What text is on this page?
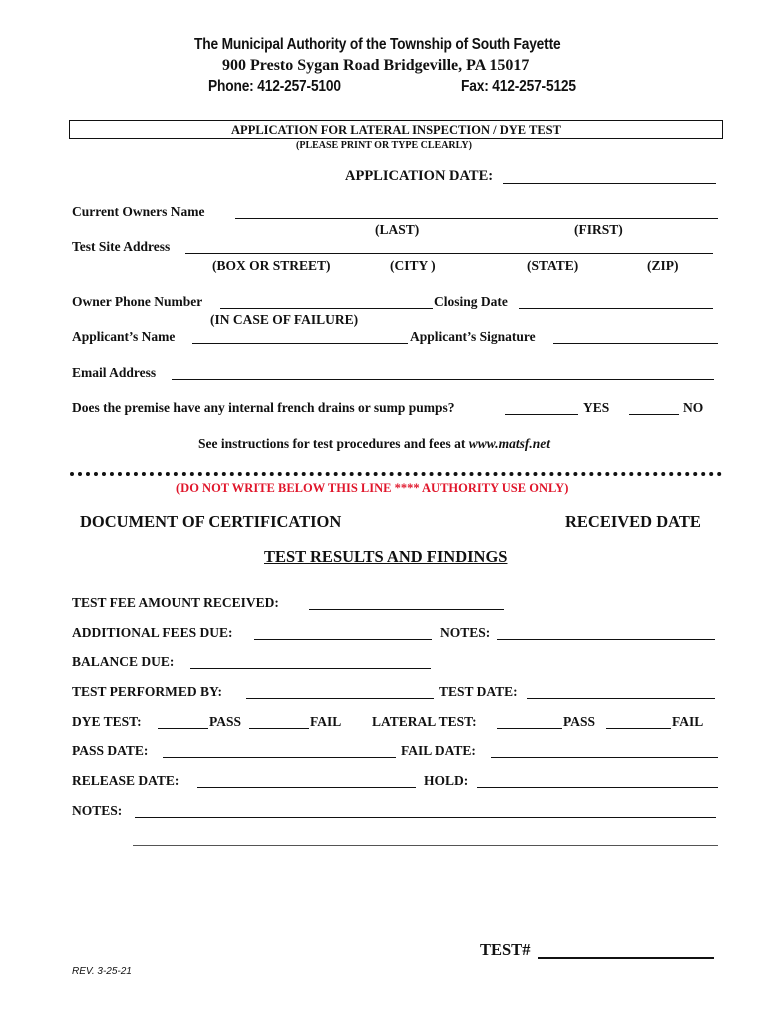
The Municipal Authority of the Township of South Fayette
900 Presto Sygan Road Bridgeville, PA 15017
Phone: 412-257-5100	Fax: 412-257-5125
APPLICATION FOR LATERAL INSPECTION / DYE TEST
(PLEASE PRINT OR TYPE CLEARLY)
APPLICATION DATE:
Current Owners Name
(LAST)	(FIRST)
Test Site Address
(BOX OR STREET)	(CITY )	(STATE)	(ZIP)
Owner Phone Number	Closing Date
(IN CASE OF FAILURE)
Applicant’s Name	Applicant’s Signature
Email Address
Does the premise have any internal french drains or sump pumps?	YES	NO
See instructions for test procedures and fees at www.matsf.net
(DO NOT WRITE BELOW THIS LINE **** AUTHORITY USE ONLY)
DOCUMENT OF CERTIFICATION	RECEIVED DATE
TEST RESULTS AND FINDINGS
TEST FEE AMOUNT RECEIVED:
ADDITIONAL FEES DUE:	NOTES:
BALANCE DUE:
TEST PERFORMED BY:	TEST DATE:
DYE TEST:	PASS	FAIL LATERAL TEST:	PASS	FAIL
PASS DATE:	FAIL DATE:
RELEASE DATE:	HOLD:
NOTES:
TEST#
REV. 3-25-21
